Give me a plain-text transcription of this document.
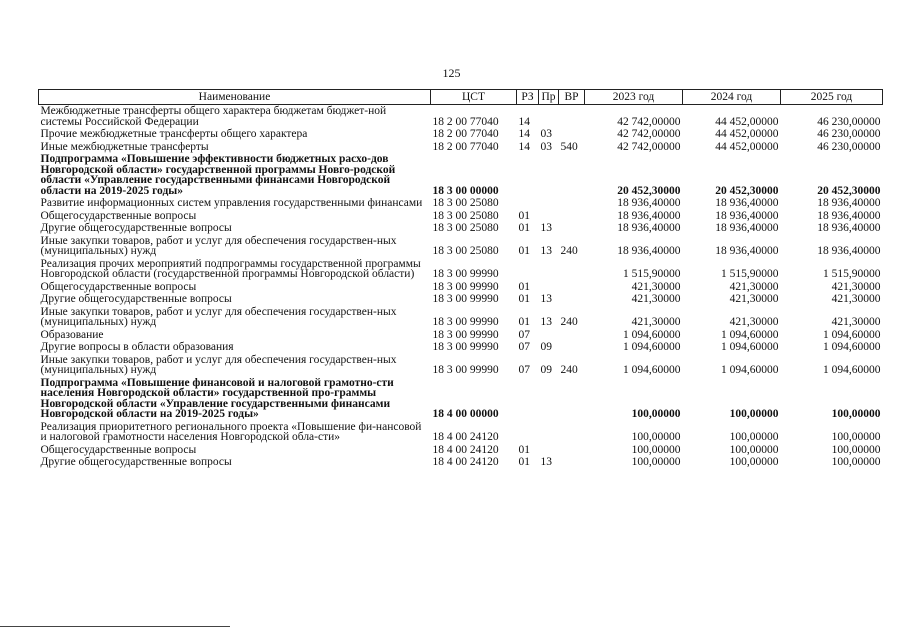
125
Наименование	ЦСТ	РЗ	Пр	ВР	2023 год	2024 год	2025 год
Межбюджетные трансферты общего характера бюджетам бюджет-ной системы Российской Федерации	18 2 00 77040	14			42 742,00000	44 452,00000	46 230,00000
Прочие межбюджетные трансферты общего характера	18 2 00 77040	14	03		42 742,00000	44 452,00000	46 230,00000
Иные межбюджетные трансферты	18 2 00 77040	14	03	540	42 742,00000	44 452,00000	46 230,00000
Подпрограмма «Повышение эффективности бюджетных расхо-дов Новгородской области» государственной программы Новго-родской области «Управление государственными финансами Новгородской области на 2019-2025 годы»	18 3 00 00000				20 452,30000	20 452,30000	20 452,30000
Развитие информационных систем управления государственными финансами	18 3 00 25080				18 936,40000	18 936,40000	18 936,40000
Общегосударственные вопросы	18 3 00 25080	01			18 936,40000	18 936,40000	18 936,40000
Другие общегосударственные вопросы	18 3 00 25080	01	13		18 936,40000	18 936,40000	18 936,40000
Иные закупки товаров, работ и услуг для обеспечения государствен-ных (муниципальных) нужд	18 3 00 25080	01	13	240	18 936,40000	18 936,40000	18 936,40000
Реализация прочих мероприятий подпрограммы государственной программы Новгородской области (государственной программы Новгородской области)	18 3 00 99990				1 515,90000	1 515,90000	1 515,90000
Общегосударственные вопросы	18 3 00 99990	01			421,30000	421,30000	421,30000
Другие общегосударственные вопросы	18 3 00 99990	01	13		421,30000	421,30000	421,30000
Иные закупки товаров, работ и услуг для обеспечения государствен-ных (муниципальных) нужд	18 3 00 99990	01	13	240	421,30000	421,30000	421,30000
Образование	18 3 00 99990	07			1 094,60000	1 094,60000	1 094,60000
Другие вопросы в области образования	18 3 00 99990	07	09		1 094,60000	1 094,60000	1 094,60000
Иные закупки товаров, работ и услуг для обеспечения государствен-ных (муниципальных) нужд	18 3 00 99990	07	09	240	1 094,60000	1 094,60000	1 094,60000
Подпрограмма «Повышение финансовой и налоговой грамотно-сти населения Новгородской области» государственной про-граммы Новгородской области «Управление государственными финансами Новгородской области на 2019-2025 годы»	18 4 00 00000				100,00000	100,00000	100,00000
Реализация приоритетного регионального проекта «Повышение фи-нансовой и налоговой грамотности населения Новгородской обла-сти»	18 4 00 24120				100,00000	100,00000	100,00000
Общегосударственные вопросы	18 4 00 24120	01			100,00000	100,00000	100,00000
Другие общегосударственные вопросы	18 4 00 24120	01	13		100,00000	100,00000	100,00000
